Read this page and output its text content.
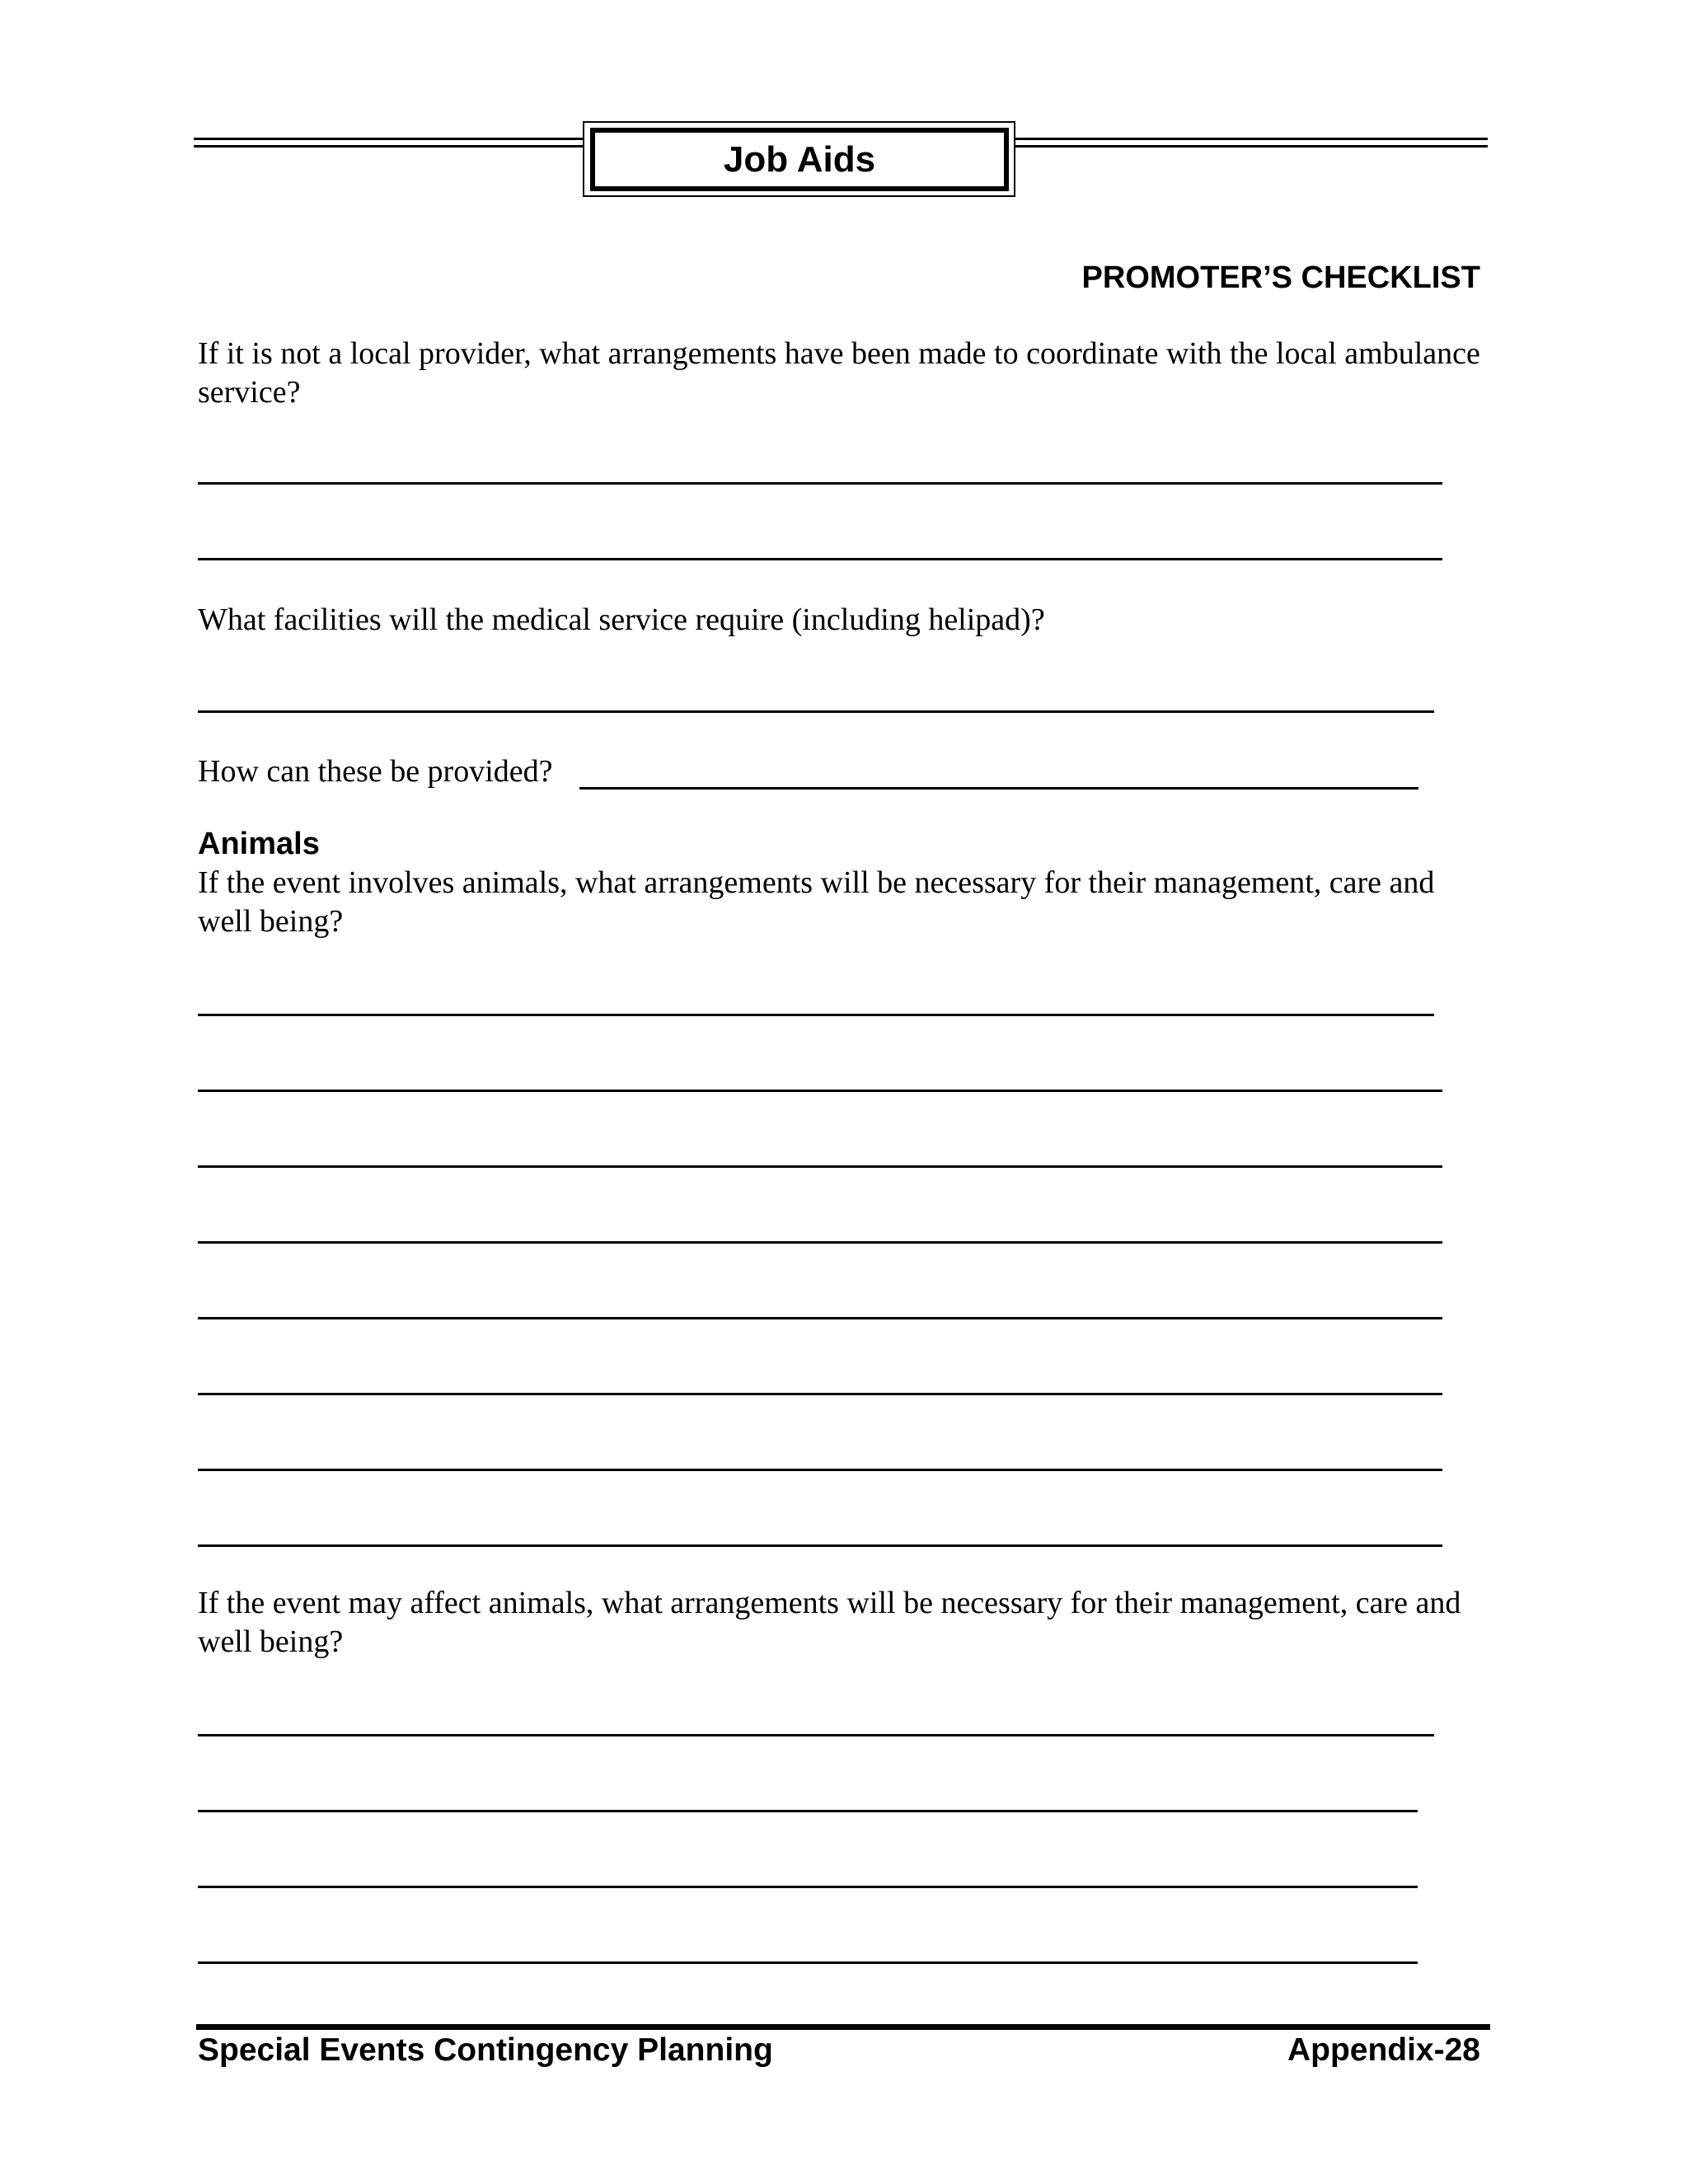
Job Aids
PROMOTER’S CHECKLIST
If it is not a local provider, what arrangements have been made to coordinate with the local ambulance service?
What facilities will the medical service require (including helipad)?
How can these be provided?
Animals
If the event involves animals, what arrangements will be necessary for their management, care and well being?
If the event may affect animals, what arrangements will be necessary for their management, care and well being?
Special Events Contingency Planning	Appendix-28
